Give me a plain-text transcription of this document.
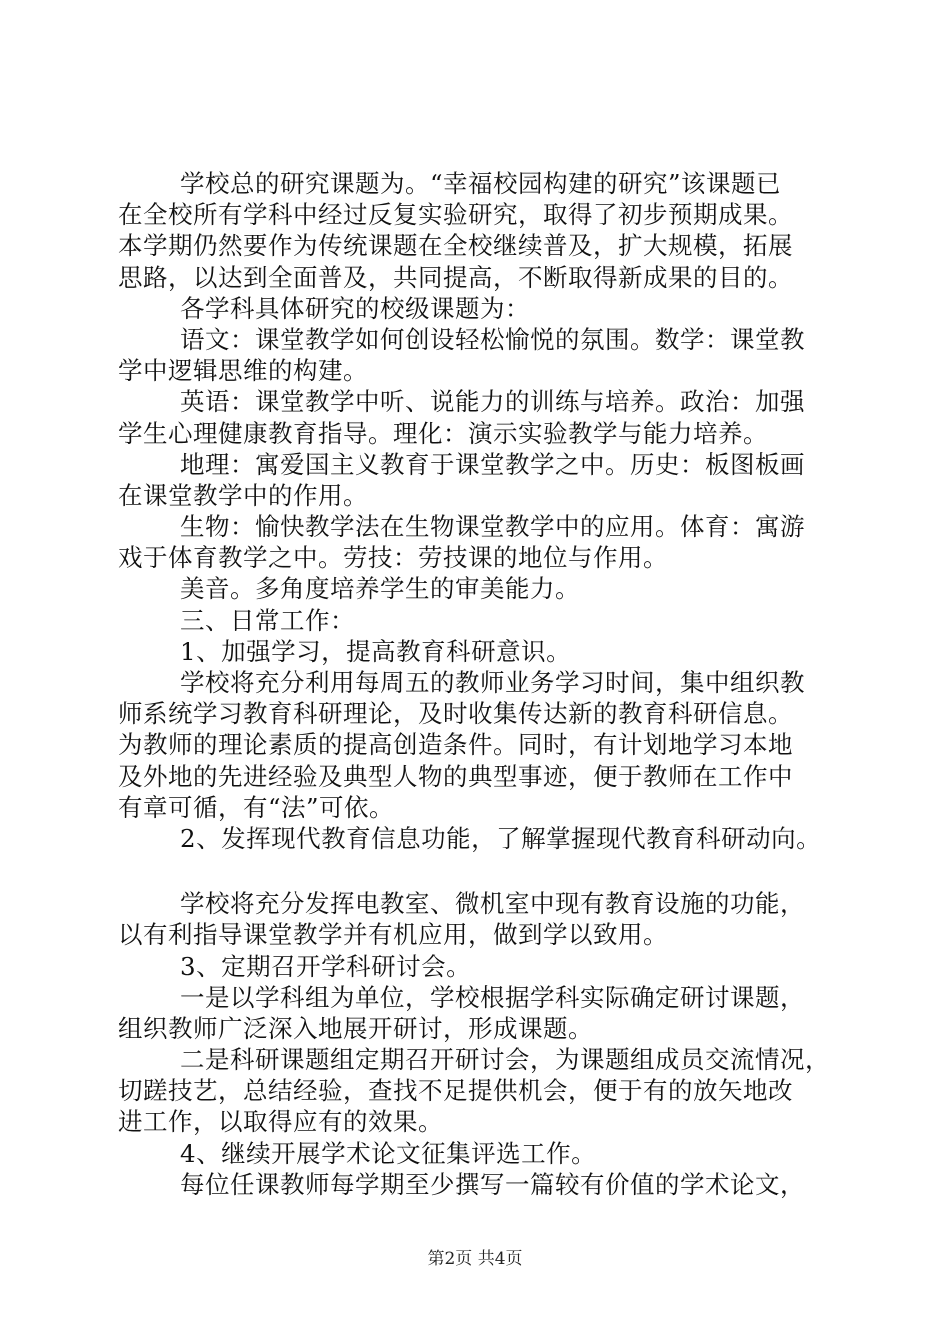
学校总的研究课题为。“幸福校园构建的研究”该课题已
在全校所有学科中经过反复实验研究，取得了初步预期成果。
本学期仍然要作为传统课题在全校继续普及，扩大规模，拓展
思路，以达到全面普及，共同提高，不断取得新成果的目的。
各学科具体研究的校级课题为：
语文：课堂教学如何创设轻松愉悦的氛围。数学：课堂教
学中逻辑思维的构建。
英语：课堂教学中听、说能力的训练与培养。政治：加强
学生心理健康教育指导。理化：演示实验教学与能力培养。
地理：寓爱国主义教育于课堂教学之中。历史：板图板画
在课堂教学中的作用。
生物：愉快教学法在生物课堂教学中的应用。体育：寓游
戏于体育教学之中。劳技：劳技课的地位与作用。
美音。多角度培养学生的审美能力。
三、日常工作：
1、加强学习，提高教育科研意识。
学校将充分利用每周五的教师业务学习时间，集中组织教
师系统学习教育科研理论，及时收集传达新的教育科研信息。
为教师的理论素质的提高创造条件。同时，有计划地学习本地
及外地的先进经验及典型人物的典型事迹，便于教师在工作中
有章可循，有“法”可依。
2、发挥现代教育信息功能，了解掌握现代教育科研动向。
学校将充分发挥电教室、微机室中现有教育设施的功能，
以有利指导课堂教学并有机应用，做到学以致用。
3、定期召开学科研讨会。
一是以学科组为单位，学校根据学科实际确定研讨课题，
组织教师广泛深入地展开研讨，形成课题。
二是科研课题组定期召开研讨会，为课题组成员交流情况，
切蹉技艺，总结经验，查找不足提供机会，便于有的放矢地改
进工作，以取得应有的效果。
4、继续开展学术论文征集评选工作。
每位任课教师每学期至少撰写一篇较有价值的学术论文，
第2页 共4页
